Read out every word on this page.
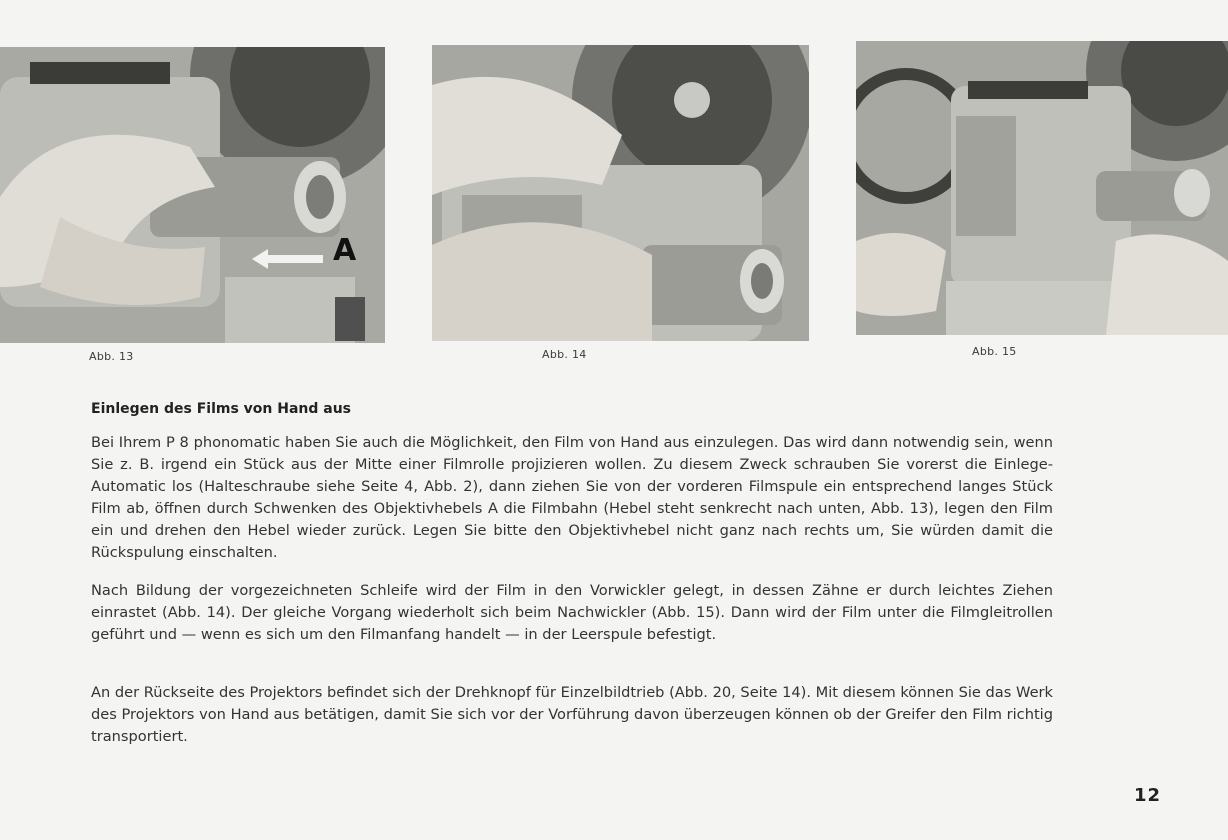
A
Abb. 13	Abb. 14	Abb. 15
Einlegen des Films von Hand aus

Bei Ihrem P 8 phonomatic haben Sie auch die Möglichkeit, den Film von Hand aus einzulegen. Das wird dann notwendig sein, wenn Sie z. B. irgend ein Stück aus der Mitte einer Filmrolle projizieren wollen. Zu diesem Zweck schrauben Sie vorerst die Einlege-Automatic los (Halteschraube siehe Seite 4, Abb. 2), dann ziehen Sie von der vorderen Filmspule ein entsprechend langes Stück Film ab, öffnen durch Schwenken des Objektivhebels A die Filmbahn (Hebel steht senkrecht nach unten, Abb. 13), legen den Film ein und drehen den Hebel wieder zurück. Legen Sie bitte den Objektivhebel nicht ganz nach rechts um, Sie würden damit die Rückspulung einschalten.

Nach Bildung der vorgezeichneten Schleife wird der Film in den Vorwickler gelegt, in dessen Zähne er durch leichtes Ziehen einrastet (Abb. 14). Der gleiche Vorgang wiederholt sich beim Nachwickler (Abb. 15). Dann wird der Film unter die Filmgleitrollen geführt und — wenn es sich um den Filmanfang handelt — in der Leerspule befestigt.

An der Rückseite des Projektors befindet sich der Drehknopf für Einzelbildtrieb (Abb. 20, Seite 14). Mit diesem können Sie das Werk des Projektors von Hand aus betätigen, damit Sie sich vor der Vorführung davon überzeugen können ob der Greifer den Film richtig transportiert.

12
